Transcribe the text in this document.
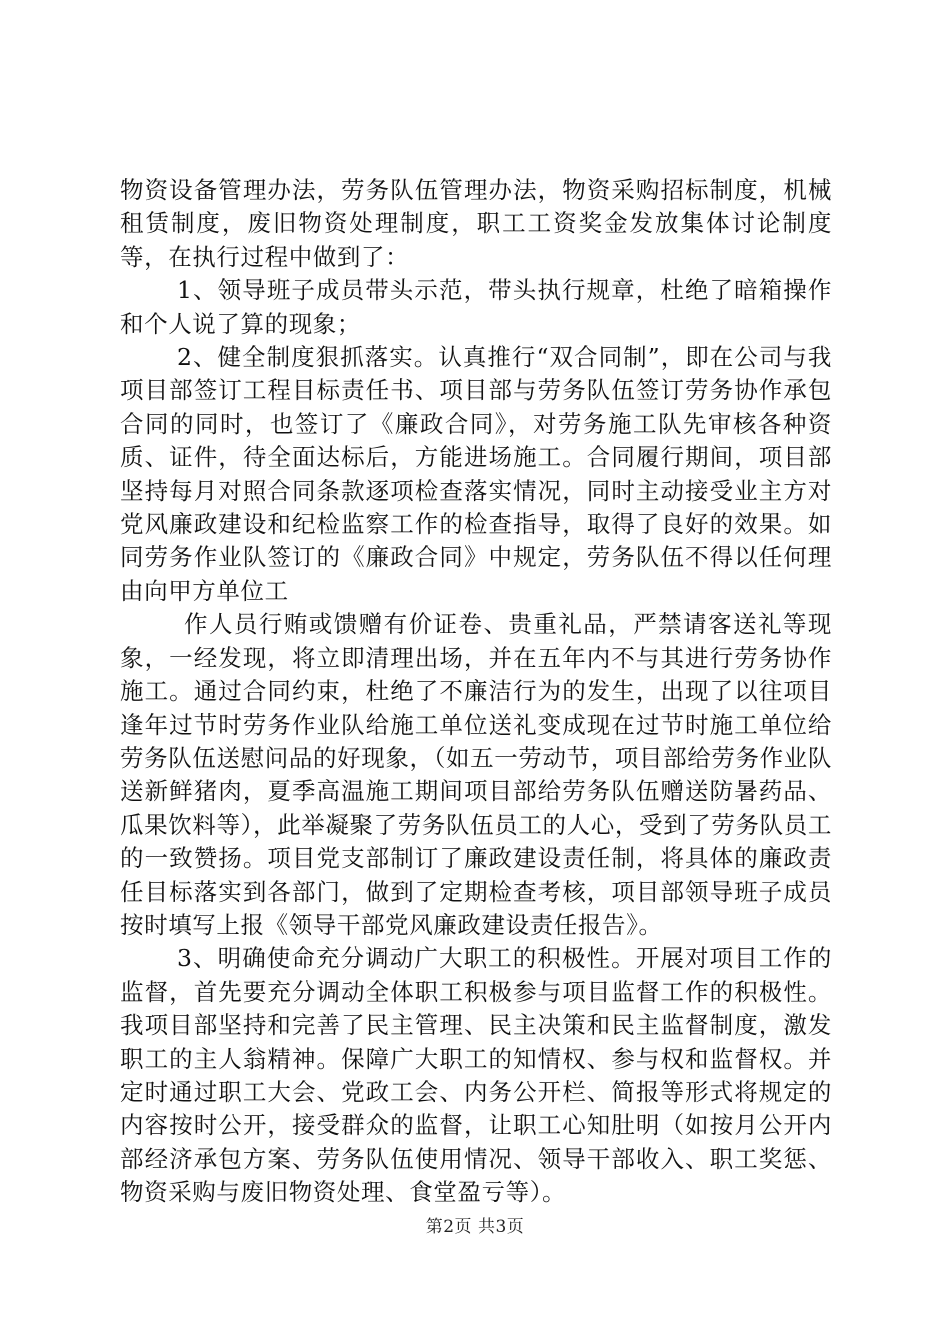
物资设备管理办法，劳务队伍管理办法，物资采购招标制度，机械租赁制度，废旧物资处理制度，职工工资奖金发放集体讨论制度等，在执行过程中做到了：

1、领导班子成员带头示范，带头执行规章，杜绝了暗箱操作和个人说了算的现象；

2、健全制度狠抓落实。认真推行“双合同制”，即在公司与我项目部签订工程目标责任书、项目部与劳务队伍签订劳务协作承包合同的同时，也签订了《廉政合同》，对劳务施工队先审核各种资质、证件，待全面达标后，方能进场施工。合同履行期间，项目部坚持每月对照合同条款逐项检查落实情况，同时主动接受业主方对党风廉政建设和纪检监察工作的检查指导，取得了良好的效果。如同劳务作业队签订的《廉政合同》中规定，劳务队伍不得以任何理由向甲方单位工

作人员行贿或馈赠有价证卷、贵重礼品，严禁请客送礼等现象，一经发现，将立即清理出场，并在五年内不与其进行劳务协作施工。通过合同约束，杜绝了不廉洁行为的发生，出现了以往项目逢年过节时劳务作业队给施工单位送礼变成现在过节时施工单位给劳务队伍送慰问品的好现象，（如五一劳动节，项目部给劳务作业队送新鲜猪肉，夏季高温施工期间项目部给劳务队伍赠送防暑药品、瓜果饮料等），此举凝聚了劳务队伍员工的人心，受到了劳务队员工的一致赞扬。项目党支部制订了廉政建设责任制，将具体的廉政责任目标落实到各部门，做到了定期检查考核，项目部领导班子成员按时填写上报《领导干部党风廉政建设责任报告》。

3、明确使命充分调动广大职工的积极性。开展对项目工作的监督，首先要充分调动全体职工积极参与项目监督工作的积极性。我项目部坚持和完善了民主管理、民主决策和民主监督制度，激发职工的主人翁精神。保障广大职工的知情权、参与权和监督权。并定时通过职工大会、党政工会、内务公开栏、简报等形式将规定的内容按时公开，接受群众的监督，让职工心知肚明（如按月公开内部经济承包方案、劳务队伍使用情况、领导干部收入、职工奖惩、物资采购与废旧物资处理、食堂盈亏等）。

第2页 共3页
